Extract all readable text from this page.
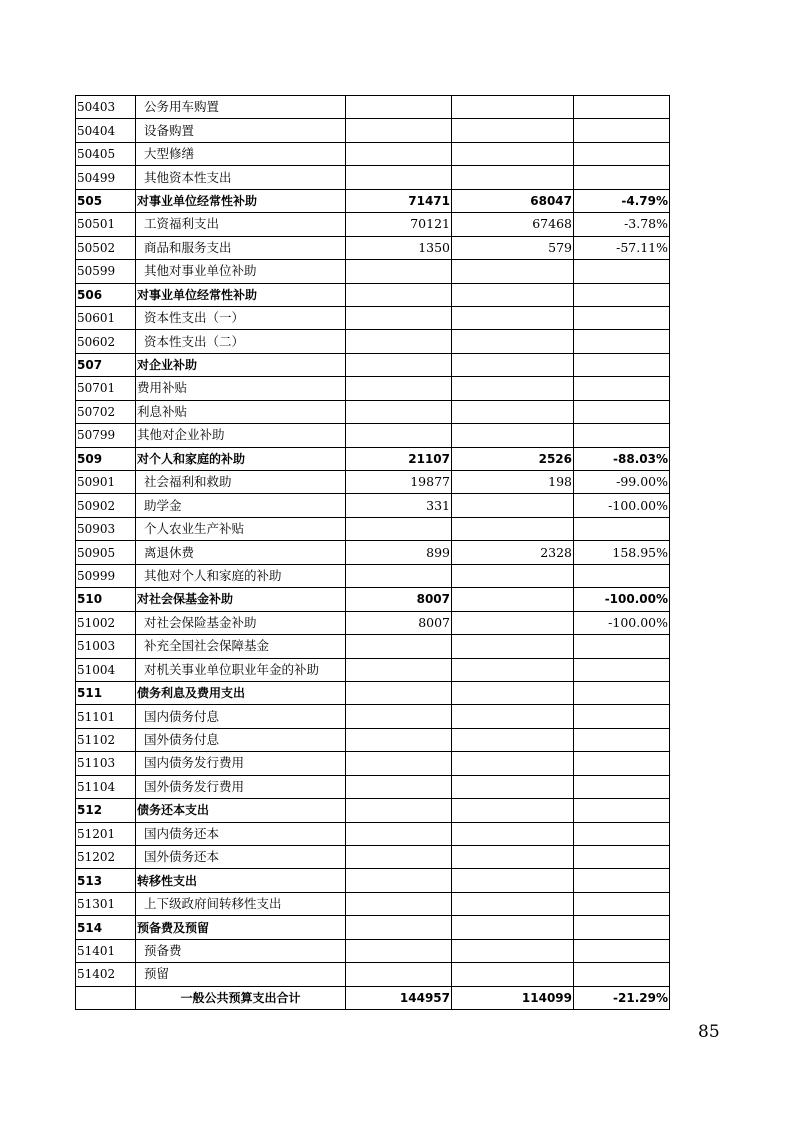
50403	公务用车购置			
50404	设备购置			
50405	大型修缮			
50499	其他资本性支出			
505	对事业单位经常性补助	71471	68047	-4.79%
50501	工资福利支出	70121	67468	-3.78%
50502	商品和服务支出	1350	579	-57.11%
50599	其他对事业单位补助			
506	对事业单位经常性补助			
50601	资本性支出（一）			
50602	资本性支出（二）			
507	对企业补助			
50701	费用补贴			
50702	利息补贴			
50799	其他对企业补助			
509	对个人和家庭的补助	21107	2526	-88.03%
50901	社会福利和救助	19877	198	-99.00%
50902	助学金	331		-100.00%
50903	个人农业生产补贴			
50905	离退休费	899	2328	158.95%
50999	其他对个人和家庭的补助			
510	对社会保基金补助	8007		-100.00%
51002	对社会保险基金补助	8007		-100.00%
51003	补充全国社会保障基金			
51004	对机关事业单位职业年金的补助			
511	债务利息及费用支出			
51101	国内债务付息			
51102	国外债务付息			
51103	国内债务发行费用			
51104	国外债务发行费用			
512	债务还本支出			
51201	国内债务还本			
51202	国外债务还本			
513	转移性支出			
51301	上下级政府间转移性支出			
514	预备费及预留			
51401	预备费			
51402	预留			
	一般公共预算支出合计	144957	114099	-21.29%
85
